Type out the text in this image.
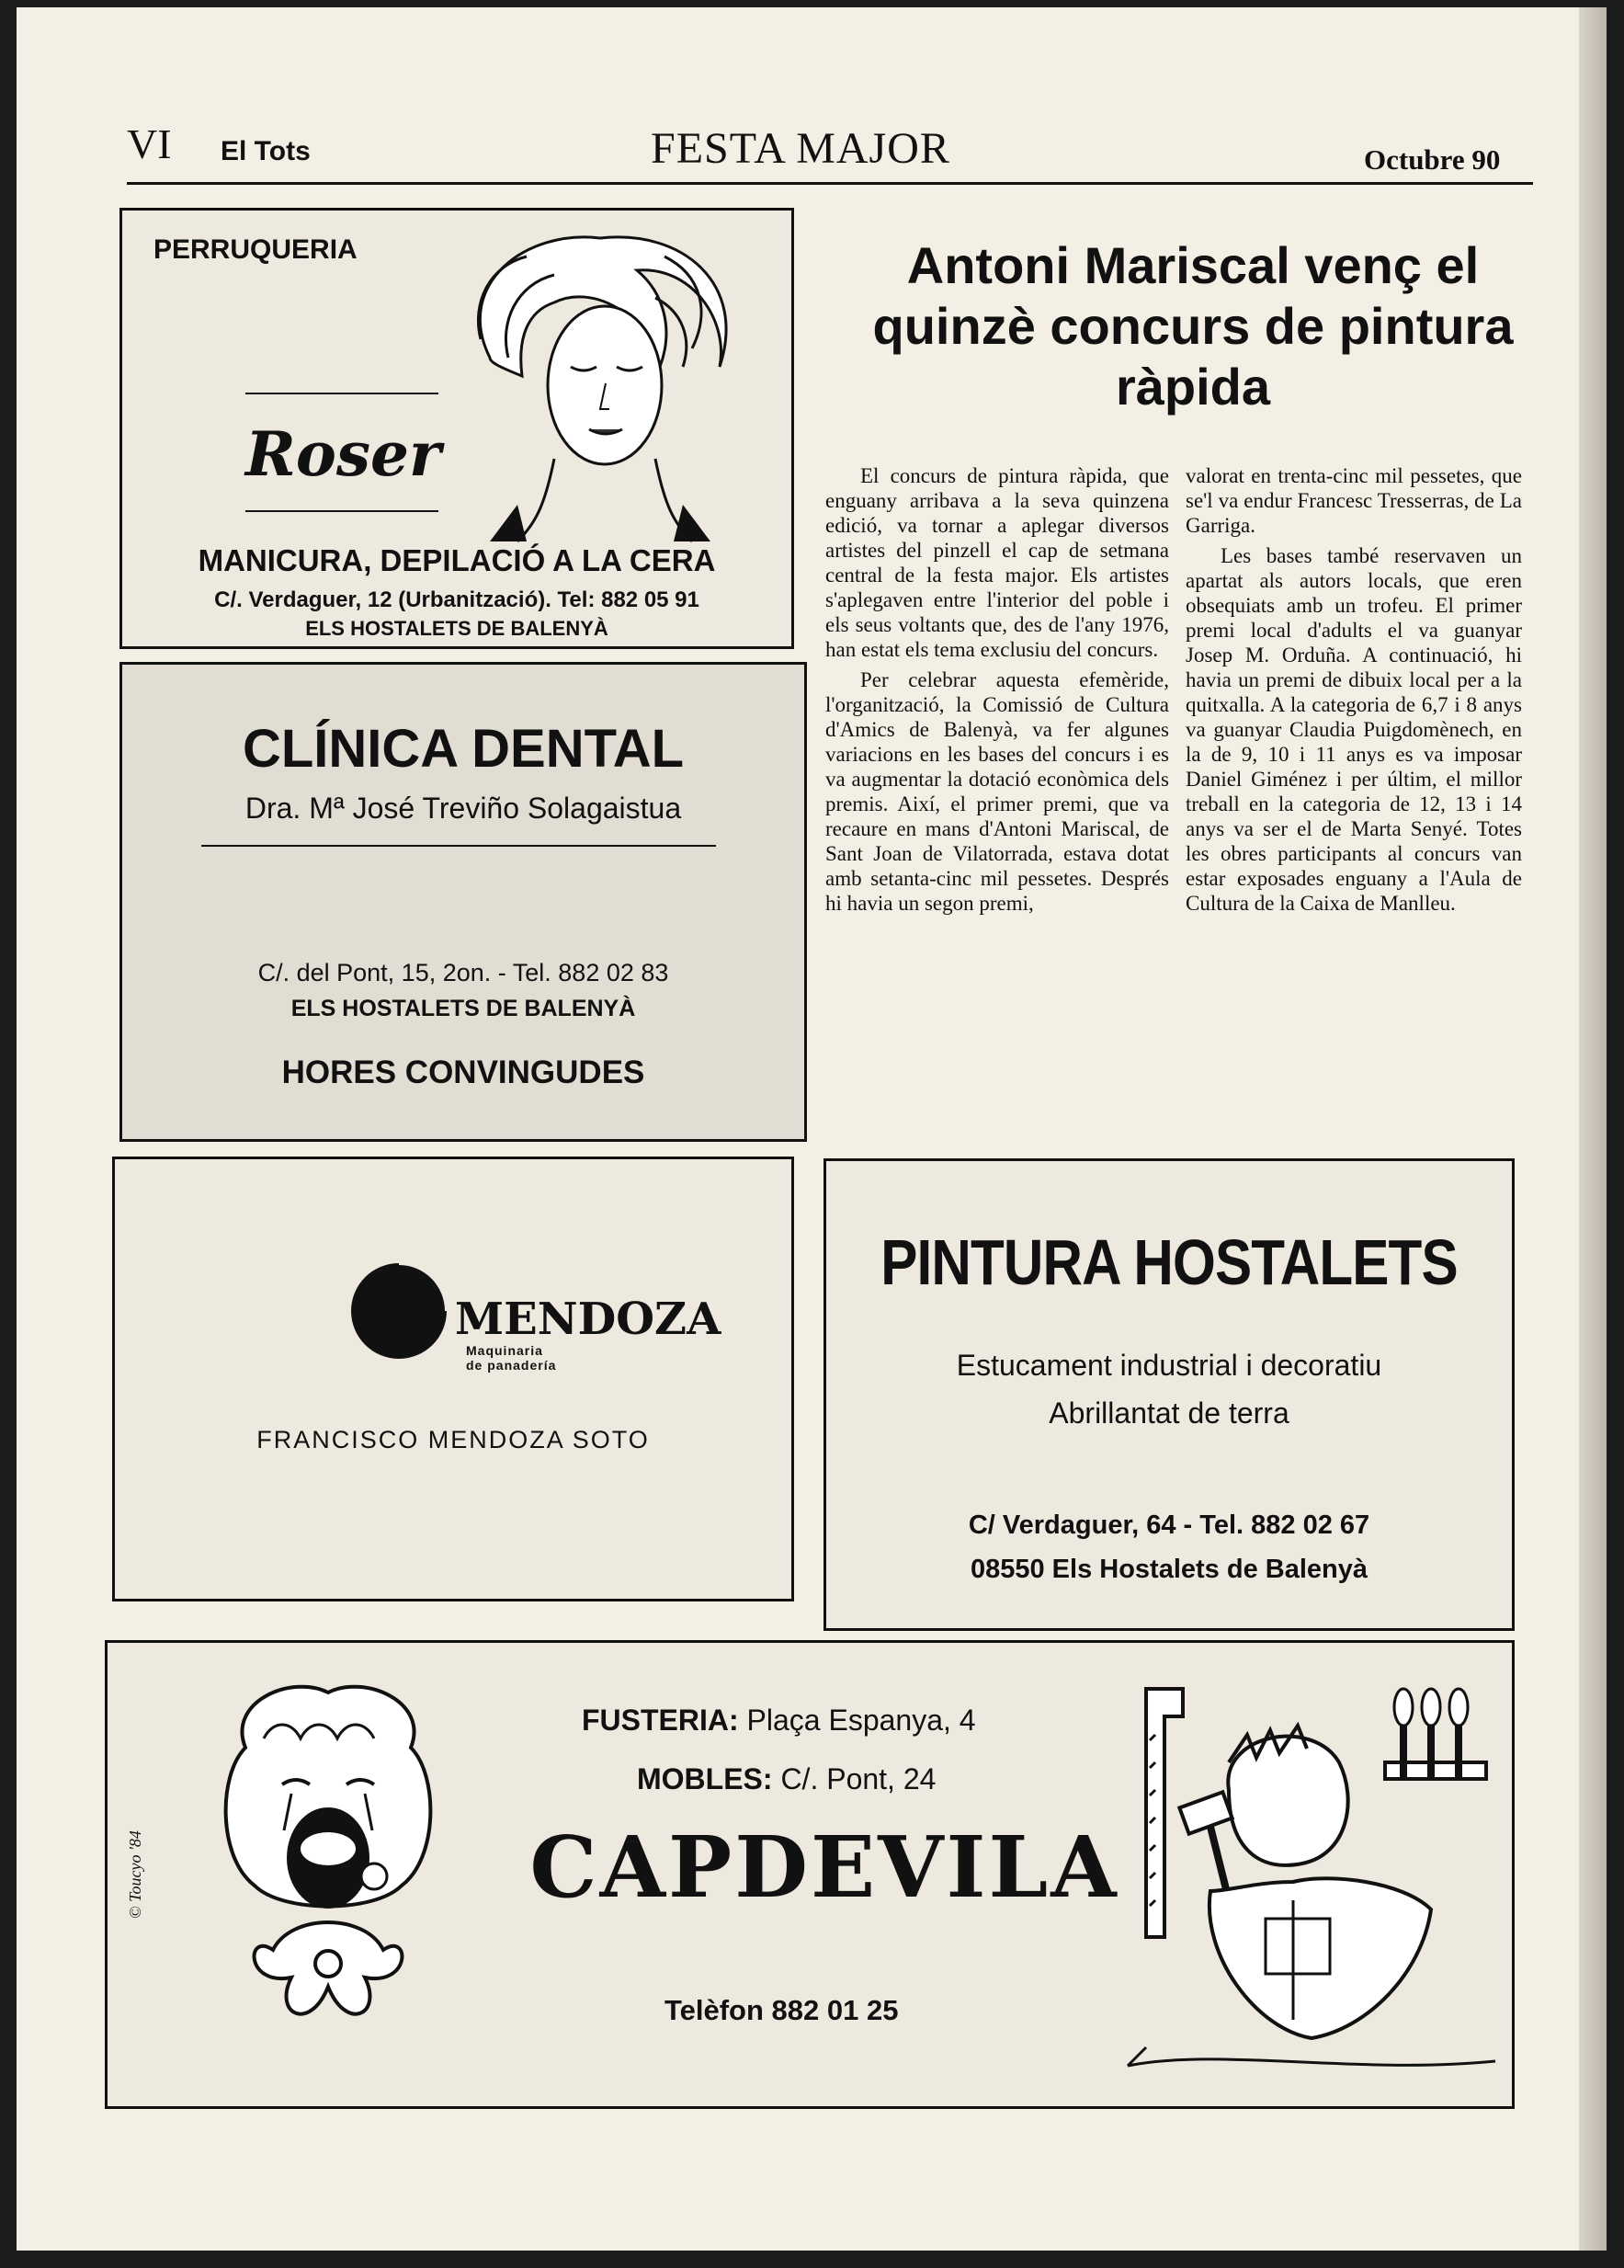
VI El Tots	FESTA MAJOR	Octubre 90
PERRUQUERIA
Roser
MANICURA, DEPILACIÓ A LA CERA
C/. Verdaguer, 12 (Urbanització). Tel: 882 05 91
ELS HOSTALETS DE BALENYÀ
CLÍNICA DENTAL
Dra. Mª José Treviño Solagaistua
C/. del Pont, 15, 2on. - Tel. 882 02 83
ELS HOSTALETS DE BALENYÀ
HORES CONVINGUDES
Antoni Mariscal venç el quinzè concurs de pintura ràpida

El concurs de pintura ràpida, que enguany arribava a la seva quinzena edició, va tornar a aplegar diversos artistes del pinzell el cap de setmana central de la festa major. Els artistes s'aplegaven entre l'interior del poble i els seus voltants que, des de l'any 1976, han estat els tema exclusiu del concurs.

Per celebrar aquesta efemèride, l'organització, la Comissió de Cultura d'Amics de Balenyà, va fer algunes variacions en les bases del concurs i es va augmentar la dotació econòmica dels premis. Així, el primer premi, que va recaure en mans d'Antoni Mariscal, de Sant Joan de Vilatorrada, estava dotat amb setanta-cinc mil pessetes. Després hi havia un segon premi,

valorat en trenta-cinc mil pessetes, que se'l va endur Francesc Tresserras, de La Garriga.

Les bases també reservaven un apartat als autors locals, que eren obsequiats amb un trofeu. El primer premi local d'adults el va guanyar Josep M. Orduña. A continuació, hi havia un premi de dibuix local per a la quitxalla. A la categoria de 6,7 i 8 anys va guanyar Claudia Puigdomènech, en la de 9, 10 i 11 anys es va imposar Daniel Giménez i per últim, el millor treball en la categoria de 12, 13 i 14 anys va ser el de Marta Senyé. Totes les obres participants al concurs van estar exposades enguany a l'Aula de Cultura de la Caixa de Manlleu.

MENDOZA
Maquinaria
de panadería
FRANCISCO MENDOZA SOTO
PINTURA HOSTALETS
Estucament industrial i decoratiu
Abrillantat de terra
C/ Verdaguer, 64 - Tel. 882 02 67
08550 Els Hostalets de Balenyà
© Toucyo '84
FUSTERIA: Plaça Espanya, 4
MOBLES: C/. Pont, 24
CAPDEVILA
Telèfon 882 01 25
